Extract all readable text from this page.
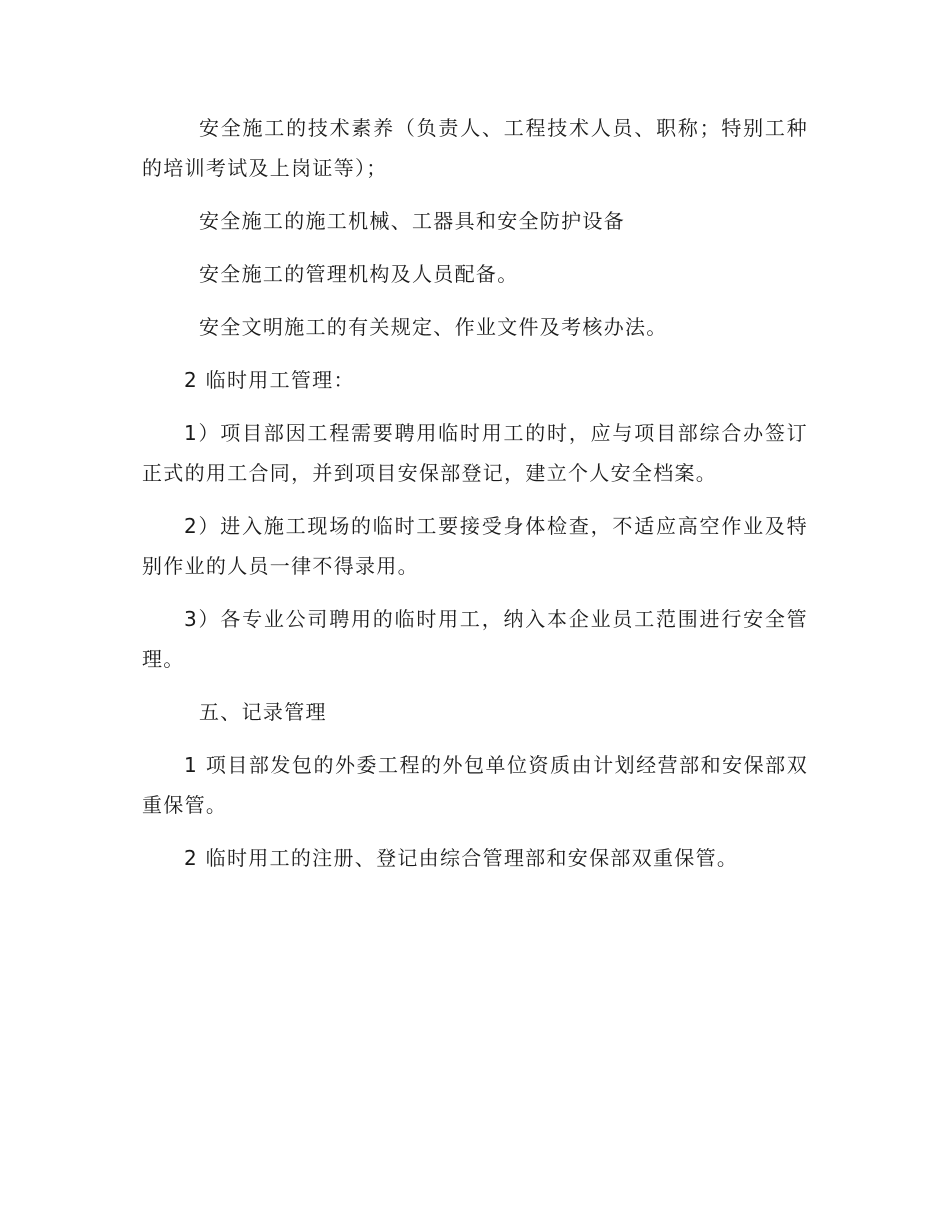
安全施工的技术素养（负责人、工程技术人员、职称；特别工种的培训考试及上岗证等）；

安全施工的施工机械、工器具和安全防护设备

安全施工的管理机构及人员配备。

安全文明施工的有关规定、作业文件及考核办法。

2 临时用工管理：

1）项目部因工程需要聘用临时用工的时，应与项目部综合办签订正式的用工合同，并到项目安保部登记，建立个人安全档案。

2）进入施工现场的临时工要接受身体检查，不适应高空作业及特别作业的人员一律不得录用。

3）各专业公司聘用的临时用工，纳入本企业员工范围进行安全管理。

五、记录管理

1 项目部发包的外委工程的外包单位资质由计划经营部和安保部双重保管。

2 临时用工的注册、登记由综合管理部和安保部双重保管。
